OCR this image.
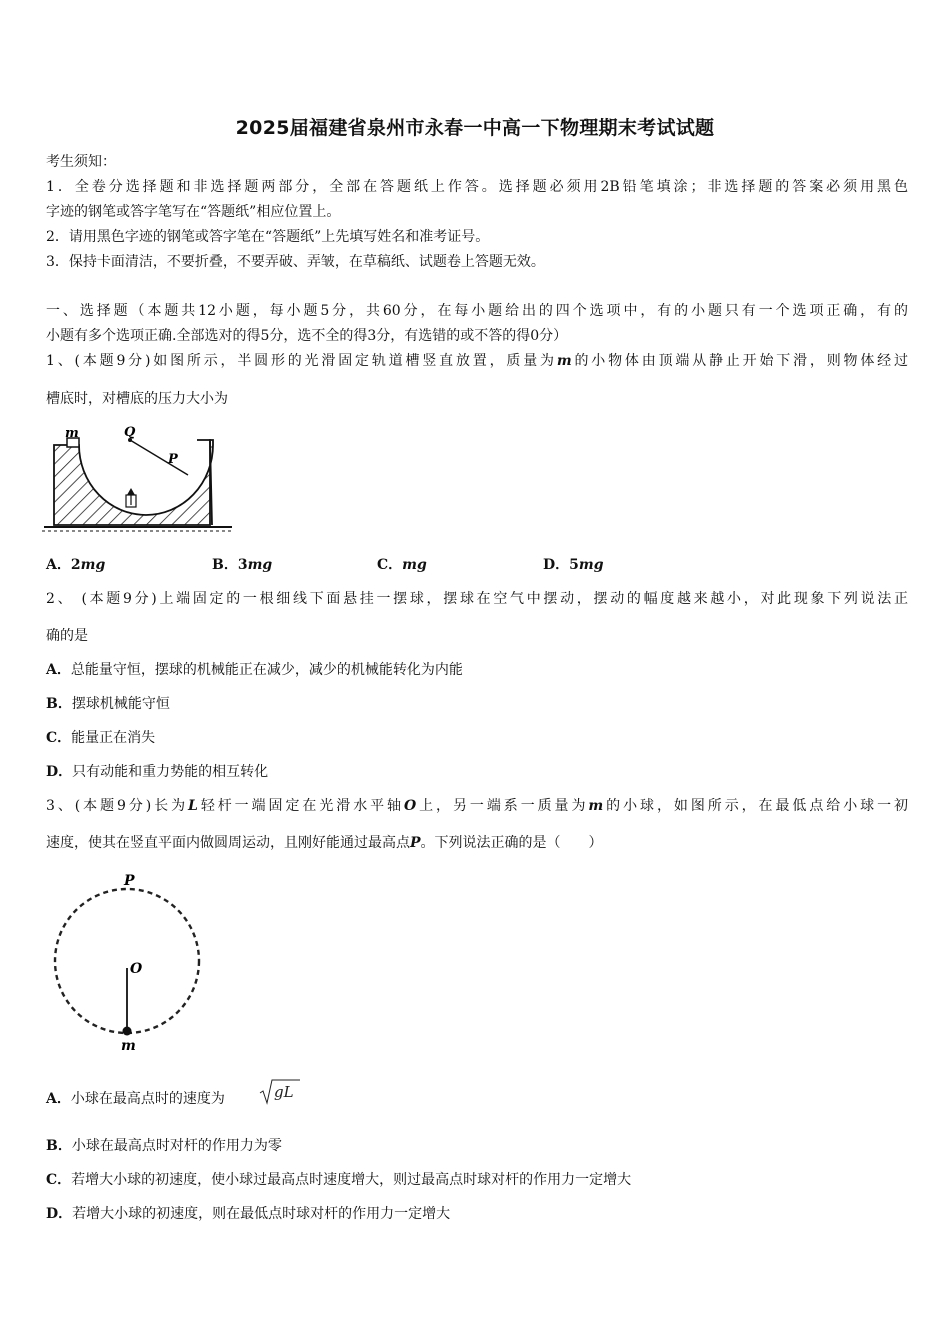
2025届福建省泉州市永春一中高一下物理期末考试试题
考生须知：
1．全卷分选择题和非选择题两部分，全部在答题纸上作答。选择题必须用2B铅笔填涂；非选择题的答案必须用黑色
字迹的钢笔或答字笔写在“答题纸”相应位置上。
2．请用黑色字迹的钢笔或答字笔在“答题纸”上先填写姓名和准考证号。
3．保持卡面清洁，不要折叠，不要弄破、弄皱，在草稿纸、试题卷上答题无效。
一、选择题（本题共12小题，每小题5分，共60分，在每小题给出的四个选项中，有的小题只有一个选项正确，有的
小题有多个选项正确.全部选对的得5分，选不全的得3分，有选错的或不答的得0分）
1、(本题9分)如图所示，半圆形的光滑固定轨道槽竖直放置，质量为m的小物体由顶端从静止开始下滑，则物体经过
槽底时，对槽底的压力大小为
m	Q
P
A．2mg	B．3mg	C．mg	D．5mg
2、 (本题9分)上端固定的一根细线下面悬挂一摆球，摆球在空气中摆动，摆动的幅度越来越小，对此现象下列说法正
确的是
A．总能量守恒，摆球的机械能正在减少，减少的机械能转化为内能
B．摆球机械能守恒
C．能量正在消失
D．只有动能和重力势能的相互转化
3、(本题9分)长为L轻杆一端固定在光滑水平轴O上，另一端系一质量为m的小球，如图所示，在最低点给小球一初
速度，使其在竖直平面内做圆周运动，且刚好能通过最高点P。下列说法正确的是（　　）
P
O
m
A．小球在最高点时的速度为	gL
B．小球在最高点时对杆的作用力为零
C．若增大小球的初速度，使小球过最高点时速度增大，则过最高点时球对杆的作用力一定增大
D．若增大小球的初速度，则在最低点时球对杆的作用力一定增大
